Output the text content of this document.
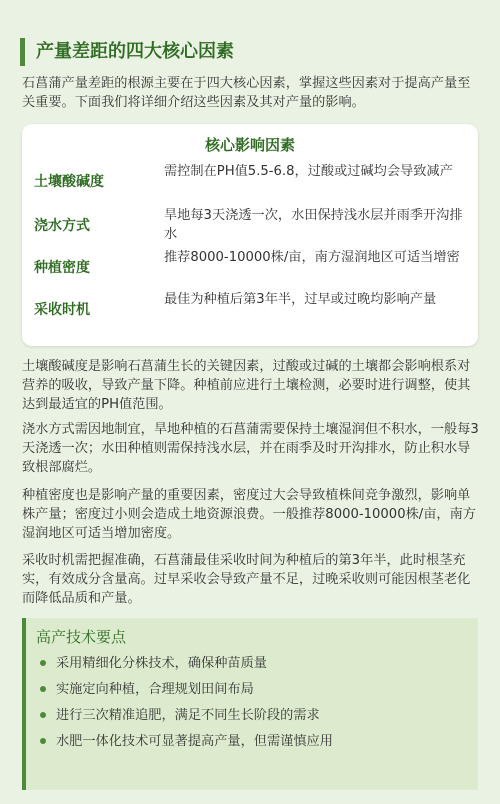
产量差距的四大核心因素
石菖蒲产量差距的根源主要在于四大核心因素，掌握这些因素对于提高产量至关重要。下面我们将详细介绍这些因素及其对产量的影响。
核心影响因素
土壤酸碱度
需控制在PH值5.5-6.8，过酸或过碱均会导致减产
浇水方式
旱地每3天浇透一次，水田保持浅水层并雨季开沟排水
种植密度
推荐8000-10000株/亩，南方湿润地区可适当增密
采收时机
最佳为种植后第3年半，过早或过晚均影响产量
土壤酸碱度是影响石菖蒲生长的关键因素，过酸或过碱的土壤都会影响根系对营养的吸收，导致产量下降。种植前应进行土壤检测，必要时进行调整，使其达到最适宜的PH值范围。
浇水方式需因地制宜，旱地种植的石菖蒲需要保持土壤湿润但不积水，一般每3天浇透一次；水田种植则需保持浅水层，并在雨季及时开沟排水，防止积水导致根部腐烂。
种植密度也是影响产量的重要因素，密度过大会导致植株间竞争激烈，影响单株产量；密度过小则会造成土地资源浪费。一般推荐8000-10000株/亩，南方湿润地区可适当增加密度。
采收时机需把握准确，石菖蒲最佳采收时间为种植后的第3年半，此时根茎充实，有效成分含量高。过早采收会导致产量不足，过晚采收则可能因根茎老化而降低品质和产量。
高产技术要点
采用精细化分株技术，确保种苗质量
实施定向种植，合理规划田间布局
进行三次精准追肥，满足不同生长阶段的需求
水肥一体化技术可显著提高产量，但需谨慎应用
